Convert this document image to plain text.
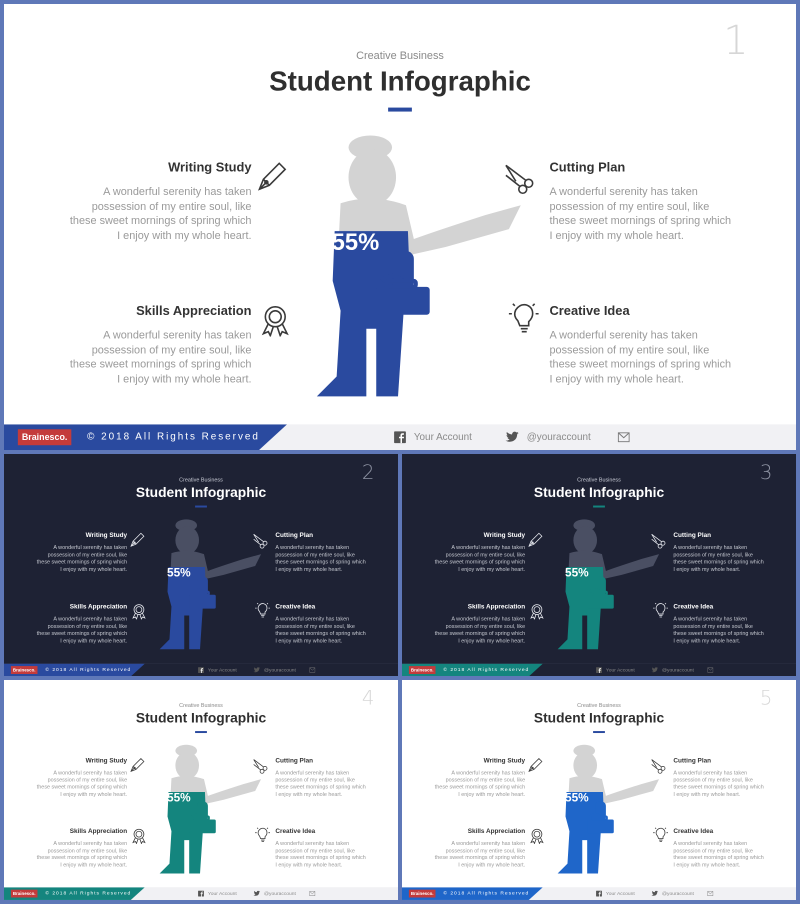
1
Creative Business
Student Infographic
55%
Writing Study
A wonderful serenity has taken
possession of my entire soul, like
these sweet mornings of spring which
I enjoy with my whole heart.
Cutting Plan
A wonderful serenity has taken
possession of my entire soul, like
these sweet mornings of spring which
I enjoy with my whole heart.
Skills Appreciation
A wonderful serenity has taken
possession of my entire soul, like
these sweet mornings of spring which
I enjoy with my whole heart.
Creative Idea
A wonderful serenity has taken
possession of my entire soul, like
these sweet mornings of spring which
I enjoy with my whole heart.
Brainesco.	© 2018 All Rights Reserved	Your Account	@youraccount
2
Creative Business
Student Infographic
55%
Writing Study
A wonderful serenity has taken
possession of my entire soul, like
these sweet mornings of spring which
I enjoy with my whole heart.
Cutting Plan
A wonderful serenity has taken
possession of my entire soul, like
these sweet mornings of spring which
I enjoy with my whole heart.
Skills Appreciation
A wonderful serenity has taken
possession of my entire soul, like
these sweet mornings of spring which
I enjoy with my whole heart.
Creative Idea
A wonderful serenity has taken
possession of my entire soul, like
these sweet mornings of spring which
I enjoy with my whole heart.
Brainesco. © 2018 All Rights Reserved	Your Account	@youraccount
3
Creative Business
Student Infographic
55%
Writing Study
A wonderful serenity has taken
possession of my entire soul, like
these sweet mornings of spring which
I enjoy with my whole heart.
Cutting Plan
A wonderful serenity has taken
possession of my entire soul, like
these sweet mornings of spring which
I enjoy with my whole heart.
Skills Appreciation
A wonderful serenity has taken
possession of my entire soul, like
these sweet mornings of spring which
I enjoy with my whole heart.
Creative Idea
A wonderful serenity has taken
possession of my entire soul, like
these sweet mornings of spring which
I enjoy with my whole heart.
Brainesco. © 2018 All Rights Reserved	Your Account	@youraccount
4
Creative Business
Student Infographic
55%
Writing Study
A wonderful serenity has taken
possession of my entire soul, like
these sweet mornings of spring which
I enjoy with my whole heart.
Cutting Plan
A wonderful serenity has taken
possession of my entire soul, like
these sweet mornings of spring which
I enjoy with my whole heart.
Skills Appreciation
A wonderful serenity has taken
possession of my entire soul, like
these sweet mornings of spring which
I enjoy with my whole heart.
Creative Idea
A wonderful serenity has taken
possession of my entire soul, like
these sweet mornings of spring which
I enjoy with my whole heart.
Brainesco. © 2018 All Rights Reserved	Your Account	@youraccount
5
Creative Business
Student Infographic
55%
Writing Study
A wonderful serenity has taken
possession of my entire soul, like
these sweet mornings of spring which
I enjoy with my whole heart.
Cutting Plan
A wonderful serenity has taken
possession of my entire soul, like
these sweet mornings of spring which
I enjoy with my whole heart.
Skills Appreciation
A wonderful serenity has taken
possession of my entire soul, like
these sweet mornings of spring which
I enjoy with my whole heart.
Creative Idea
A wonderful serenity has taken
possession of my entire soul, like
these sweet mornings of spring which
I enjoy with my whole heart.
Brainesco. © 2018 All Rights Reserved	Your Account	@youraccount
